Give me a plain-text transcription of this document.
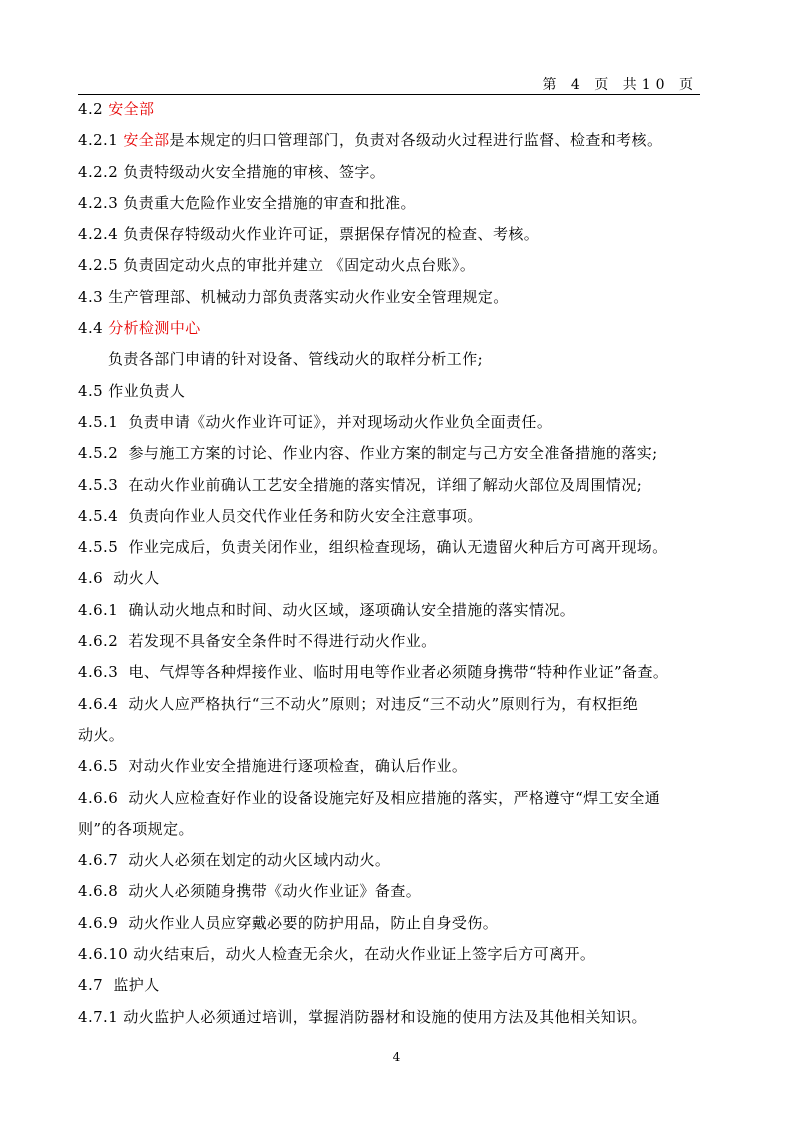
第 4 页 共10 页
4.2 安全部
4.2.1 安全部是本规定的归口管理部门，负责对各级动火过程进行监督、检查和考核。
4.2.2 负责特级动火安全措施的审核、签字。
4.2.3 负责重大危险作业安全措施的审查和批准。
4.2.4 负责保存特级动火作业许可证，票据保存情况的检查、考核。
4.2.5 负责固定动火点的审批并建立 《固定动火点台账》。
4.3 生产管理部、机械动力部负责落实动火作业安全管理规定。
4.4 分析检测中心
负责各部门申请的针对设备、管线动火的取样分析工作;
4.5 作业负责人
4.5.1  负责申请《动火作业许可证》，并对现场动火作业负全面责任。
4.5.2  参与施工方案的讨论、作业内容、作业方案的制定与己方安全准备措施的落实;
4.5.3  在动火作业前确认工艺安全措施的落实情况，详细了解动火部位及周围情况;
4.5.4  负责向作业人员交代作业任务和防火安全注意事项。
4.5.5  作业完成后，负责关闭作业，组织检查现场，确认无遗留火种后方可离开现场。
4.6  动火人
4.6.1  确认动火地点和时间、动火区域，逐项确认安全措施的落实情况。
4.6.2  若发现不具备安全条件时不得进行动火作业。
4.6.3  电、气焊等各种焊接作业、临时用电等作业者必须随身携带“特种作业证”备查。
4.6.4  动火人应严格执行“三不动火”原则；对违反“三不动火”原则行为，有权拒绝
动火。
4.6.5  对动火作业安全措施进行逐项检查，确认后作业。
4.6.6  动火人应检查好作业的设备设施完好及相应措施的落实，严格遵守“焊工安全通
则”的各项规定。
4.6.7  动火人必须在划定的动火区域内动火。
4.6.8  动火人必须随身携带《动火作业证》备查。
4.6.9  动火作业人员应穿戴必要的防护用品，防止自身受伤。
4.6.10 动火结束后，动火人检查无余火，在动火作业证上签字后方可离开。
4.7  监护人
4.7.1 动火监护人必须通过培训，掌握消防器材和设施的使用方法及其他相关知识。
4
